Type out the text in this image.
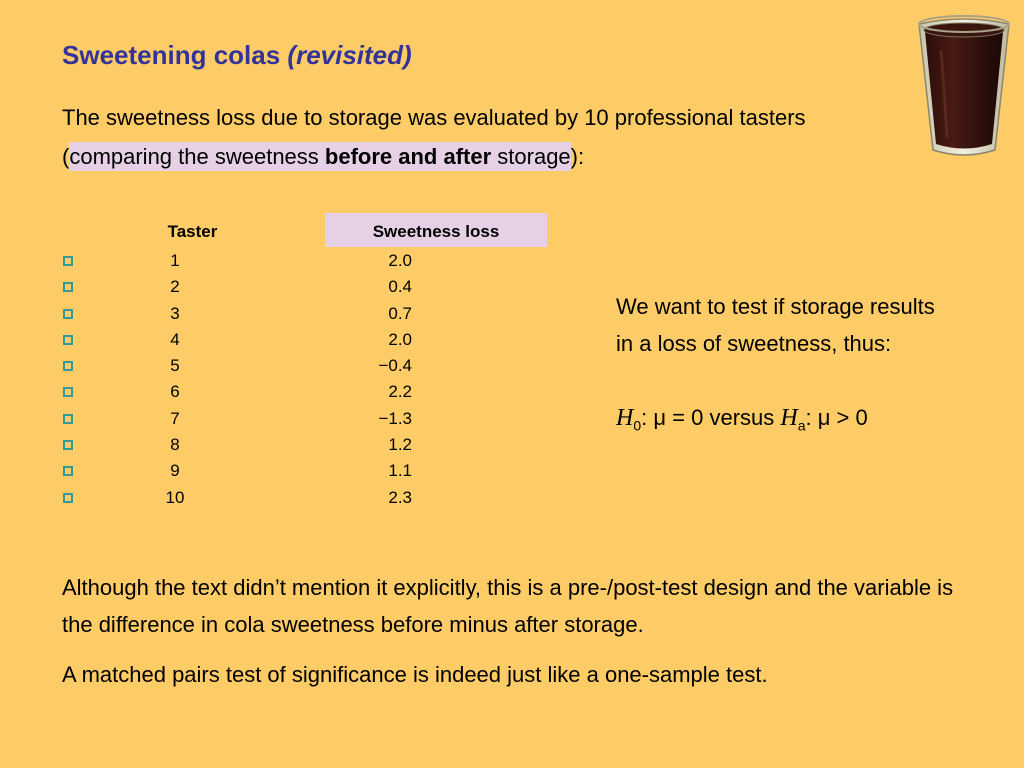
Sweetening colas (revisited)
The sweetness loss due to storage was evaluated by 10 professional tasters (comparing the sweetness before and after storage):
Taster	Sweetness loss
1	2.0
2	0.4
3	0.7
4	2.0
5	−0.4
6	2.2
7	−1.3
8	1.2
9	1.1
10	2.3
We want to test if storage results in a loss of sweetness, thus:
$H_0$: μ = 0 versus $H_a$: μ > 0
Although the text didn’t mention it explicitly, this is a pre-/post-test design and the variable is the difference in cola sweetness before minus after storage.
A matched pairs test of significance is indeed just like a one-sample test.
